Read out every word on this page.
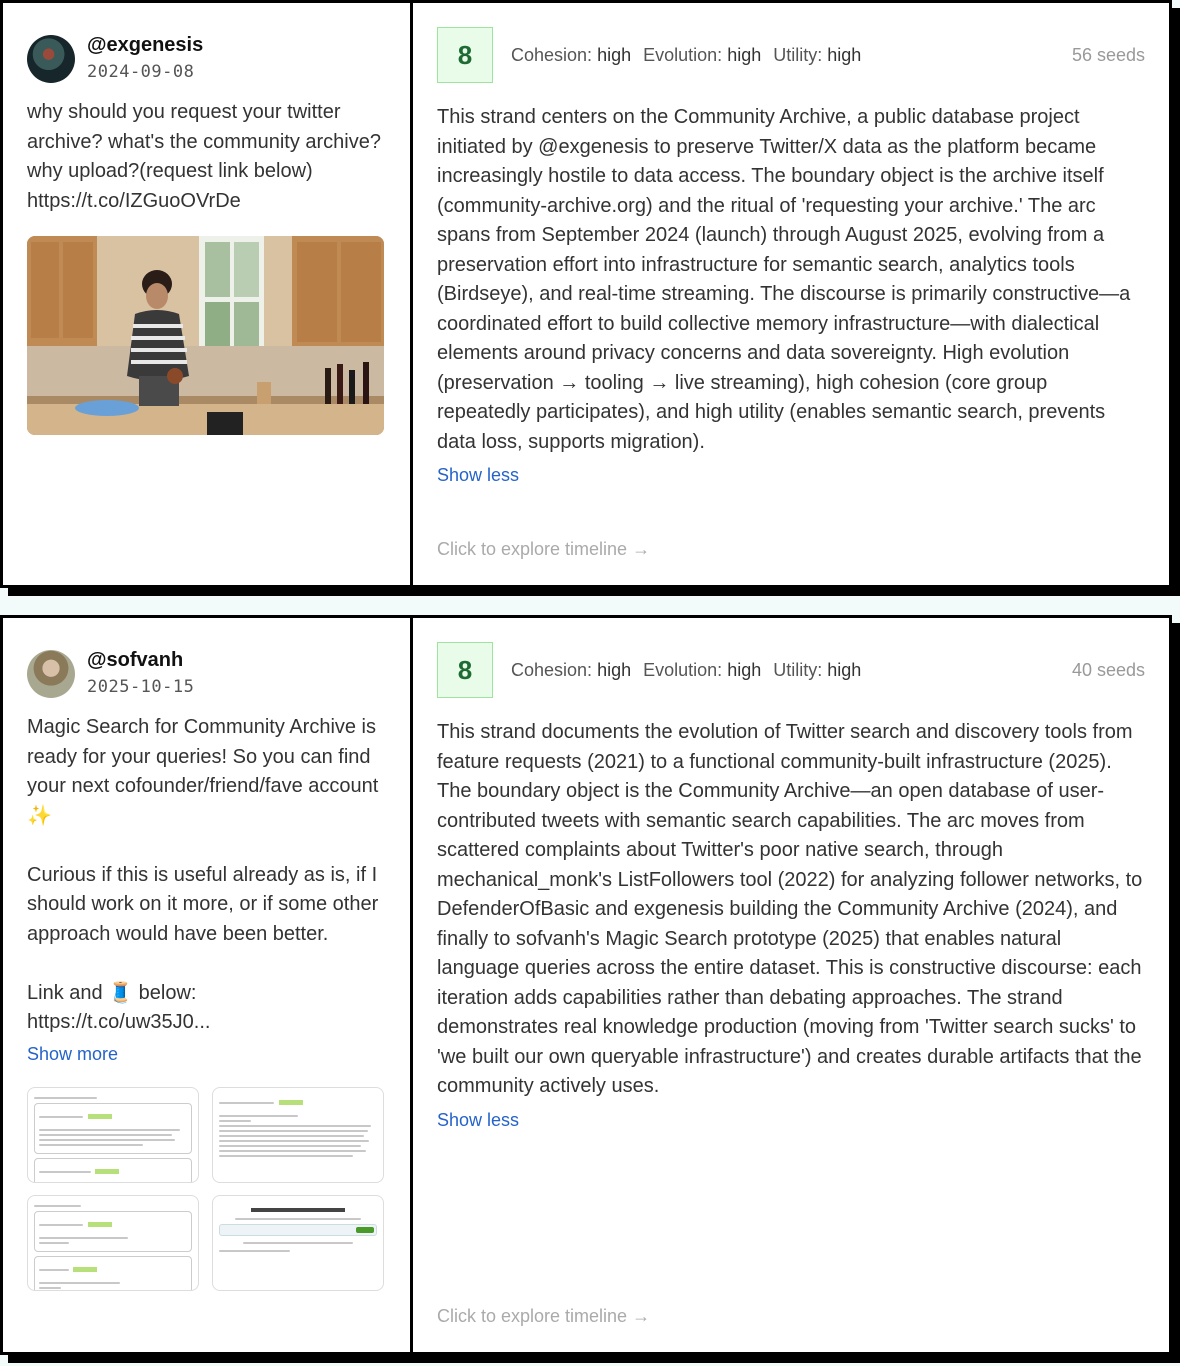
@exgenesis
2024-09-08
why should you request your twitter archive? what's the community archive? why upload?(request link below) https://t.co/IZGuoOVrDe
8	Cohesion: high Evolution: high Utility: high	56 seeds
This strand centers on the Community Archive, a public database project initiated by @exgenesis to preserve Twitter/X data as the platform became increasingly hostile to data access. The boundary object is the archive itself (community-archive.org) and the ritual of 'requesting your archive.' The arc spans from September 2024 (launch) through August 2025, evolving from a preservation effort into infrastructure for semantic search, analytics tools (Birdseye), and real-time streaming. The discourse is primarily constructive—a coordinated effort to build collective memory infrastructure—with dialectical elements around privacy concerns and data sovereignty. High evolution (preservation → tooling → live streaming), high cohesion (core group repeatedly participates), and high utility (enables semantic search, prevents data loss, supports migration).
Show less
Click to explore timeline →
@sofvanh
2025-10-15
Magic Search for Community Archive is ready for your queries! So you can find your next cofounder/friend/fave account ✨

Curious if this is useful already as is, if I should work on it more, or if some other approach would have been better.

Link and 🧵 below:
https://t.co/uw35J0...
Show more

8	Cohesion: high Evolution: high Utility: high	40 seeds
This strand documents the evolution of Twitter search and discovery tools from feature requests (2021) to a functional community-built infrastructure (2025). The boundary object is the Community Archive—an open database of user-contributed tweets with semantic search capabilities. The arc moves from scattered complaints about Twitter's poor native search, through mechanical_monk's ListFollowers tool (2022) for analyzing follower networks, to DefenderOfBasic and exgenesis building the Community Archive (2024), and finally to sofvanh's Magic Search prototype (2025) that enables natural language queries across the entire dataset. This is constructive discourse: each iteration adds capabilities rather than debating approaches. The strand demonstrates real knowledge production (moving from 'Twitter search sucks' to 'we built our own queryable infrastructure') and creates durable artifacts that the community actively uses.
Show less
Click to explore timeline →
